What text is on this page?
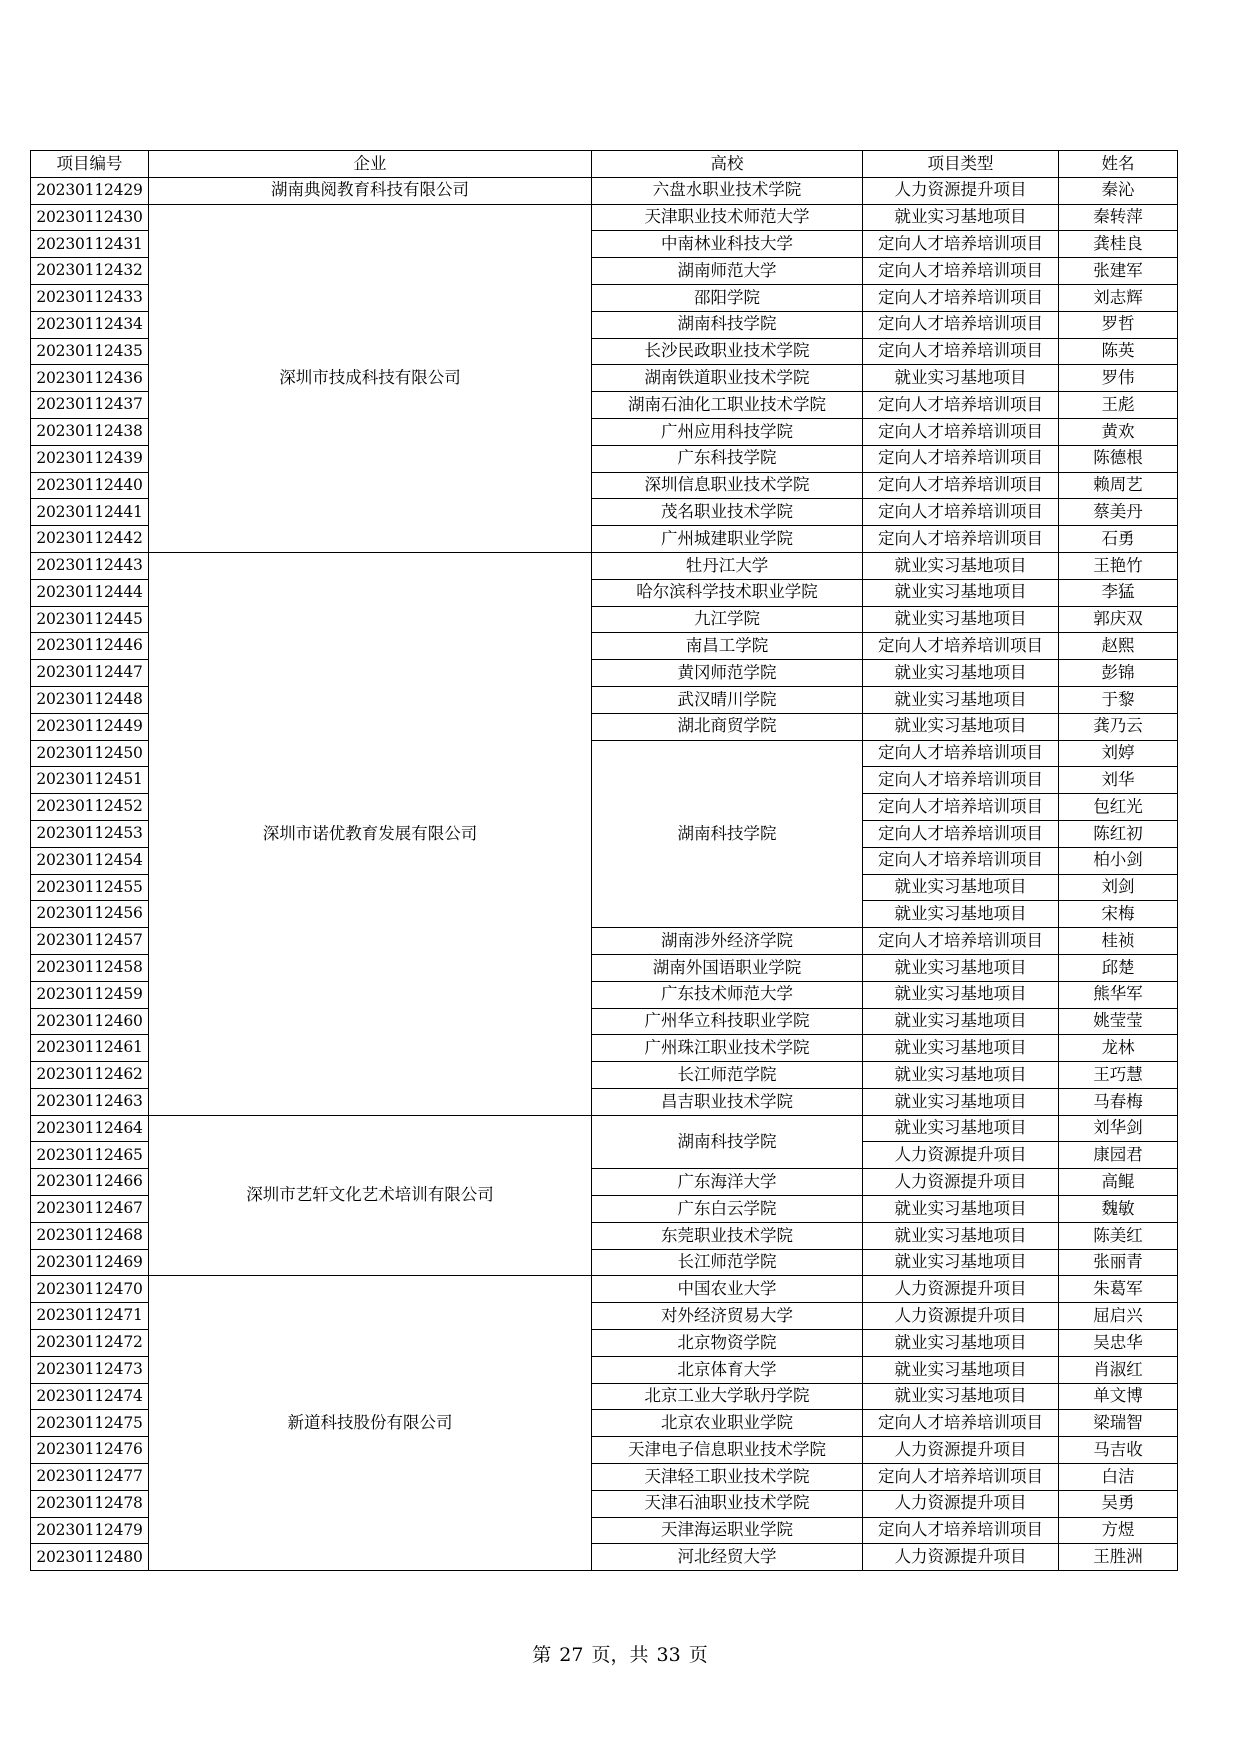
项目编号	企业	高校	项目类型	姓名
20230112429	湖南典阅教育科技有限公司	六盘水职业技术学院	人力资源提升项目	秦沁
20230112430	深圳市技成科技有限公司	天津职业技术师范大学	就业实习基地项目	秦转萍
20230112431		中南林业科技大学	定向人才培养培训项目	龚桂良
20230112432		湖南师范大学	定向人才培养培训项目	张建军
20230112433		邵阳学院	定向人才培养培训项目	刘志辉
20230112434		湖南科技学院	定向人才培养培训项目	罗哲
20230112435		长沙民政职业技术学院	定向人才培养培训项目	陈英
20230112436		湖南铁道职业技术学院	就业实习基地项目	罗伟
20230112437		湖南石油化工职业技术学院	定向人才培养培训项目	王彪
20230112438		广州应用科技学院	定向人才培养培训项目	黄欢
20230112439		广东科技学院	定向人才培养培训项目	陈德根
20230112440		深圳信息职业技术学院	定向人才培养培训项目	赖周艺
20230112441		茂名职业技术学院	定向人才培养培训项目	蔡美丹
20230112442		广州城建职业学院	定向人才培养培训项目	石勇
20230112443	深圳市诺优教育发展有限公司	牡丹江大学	就业实习基地项目	王艳竹
20230112444		哈尔滨科学技术职业学院	就业实习基地项目	李猛
20230112445		九江学院	就业实习基地项目	郭庆双
20230112446		南昌工学院	定向人才培养培训项目	赵熙
20230112447		黄冈师范学院	就业实习基地项目	彭锦
20230112448		武汉晴川学院	就业实习基地项目	于黎
20230112449		湖北商贸学院	就业实习基地项目	龚乃云
20230112450		湖南科技学院	定向人才培养培训项目	刘婷
20230112451			定向人才培养培训项目	刘华
20230112452			定向人才培养培训项目	包红光
20230112453			定向人才培养培训项目	陈红初
20230112454			定向人才培养培训项目	柏小剑
20230112455			就业实习基地项目	刘剑
20230112456			就业实习基地项目	宋梅
20230112457		湖南涉外经济学院	定向人才培养培训项目	桂祯
20230112458		湖南外国语职业学院	就业实习基地项目	邱楚
20230112459		广东技术师范大学	就业实习基地项目	熊华军
20230112460		广州华立科技职业学院	就业实习基地项目	姚莹莹
20230112461		广州珠江职业技术学院	就业实习基地项目	龙林
20230112462		长江师范学院	就业实习基地项目	王巧慧
20230112463		昌吉职业技术学院	就业实习基地项目	马春梅
20230112464	深圳市艺轩文化艺术培训有限公司	湖南科技学院	就业实习基地项目	刘华剑
20230112465			人力资源提升项目	康园君
20230112466		广东海洋大学	人力资源提升项目	高鲲
20230112467		广东白云学院	就业实习基地项目	魏敏
20230112468		东莞职业技术学院	就业实习基地项目	陈美红
20230112469		长江师范学院	就业实习基地项目	张丽青
20230112470	新道科技股份有限公司	中国农业大学	人力资源提升项目	朱葛军
20230112471		对外经济贸易大学	人力资源提升项目	屈启兴
20230112472		北京物资学院	就业实习基地项目	吴忠华
20230112473		北京体育大学	就业实习基地项目	肖淑红
20230112474		北京工业大学耿丹学院	就业实习基地项目	单文博
20230112475		北京农业职业学院	定向人才培养培训项目	梁瑞智
20230112476		天津电子信息职业技术学院	人力资源提升项目	马吉收
20230112477		天津轻工职业技术学院	定向人才培养培训项目	白洁
20230112478		天津石油职业技术学院	人力资源提升项目	吴勇
20230112479		天津海运职业学院	定向人才培养培训项目	方煜
20230112480		河北经贸大学	人力资源提升项目	王胜洲
第 27 页，共 33 页
